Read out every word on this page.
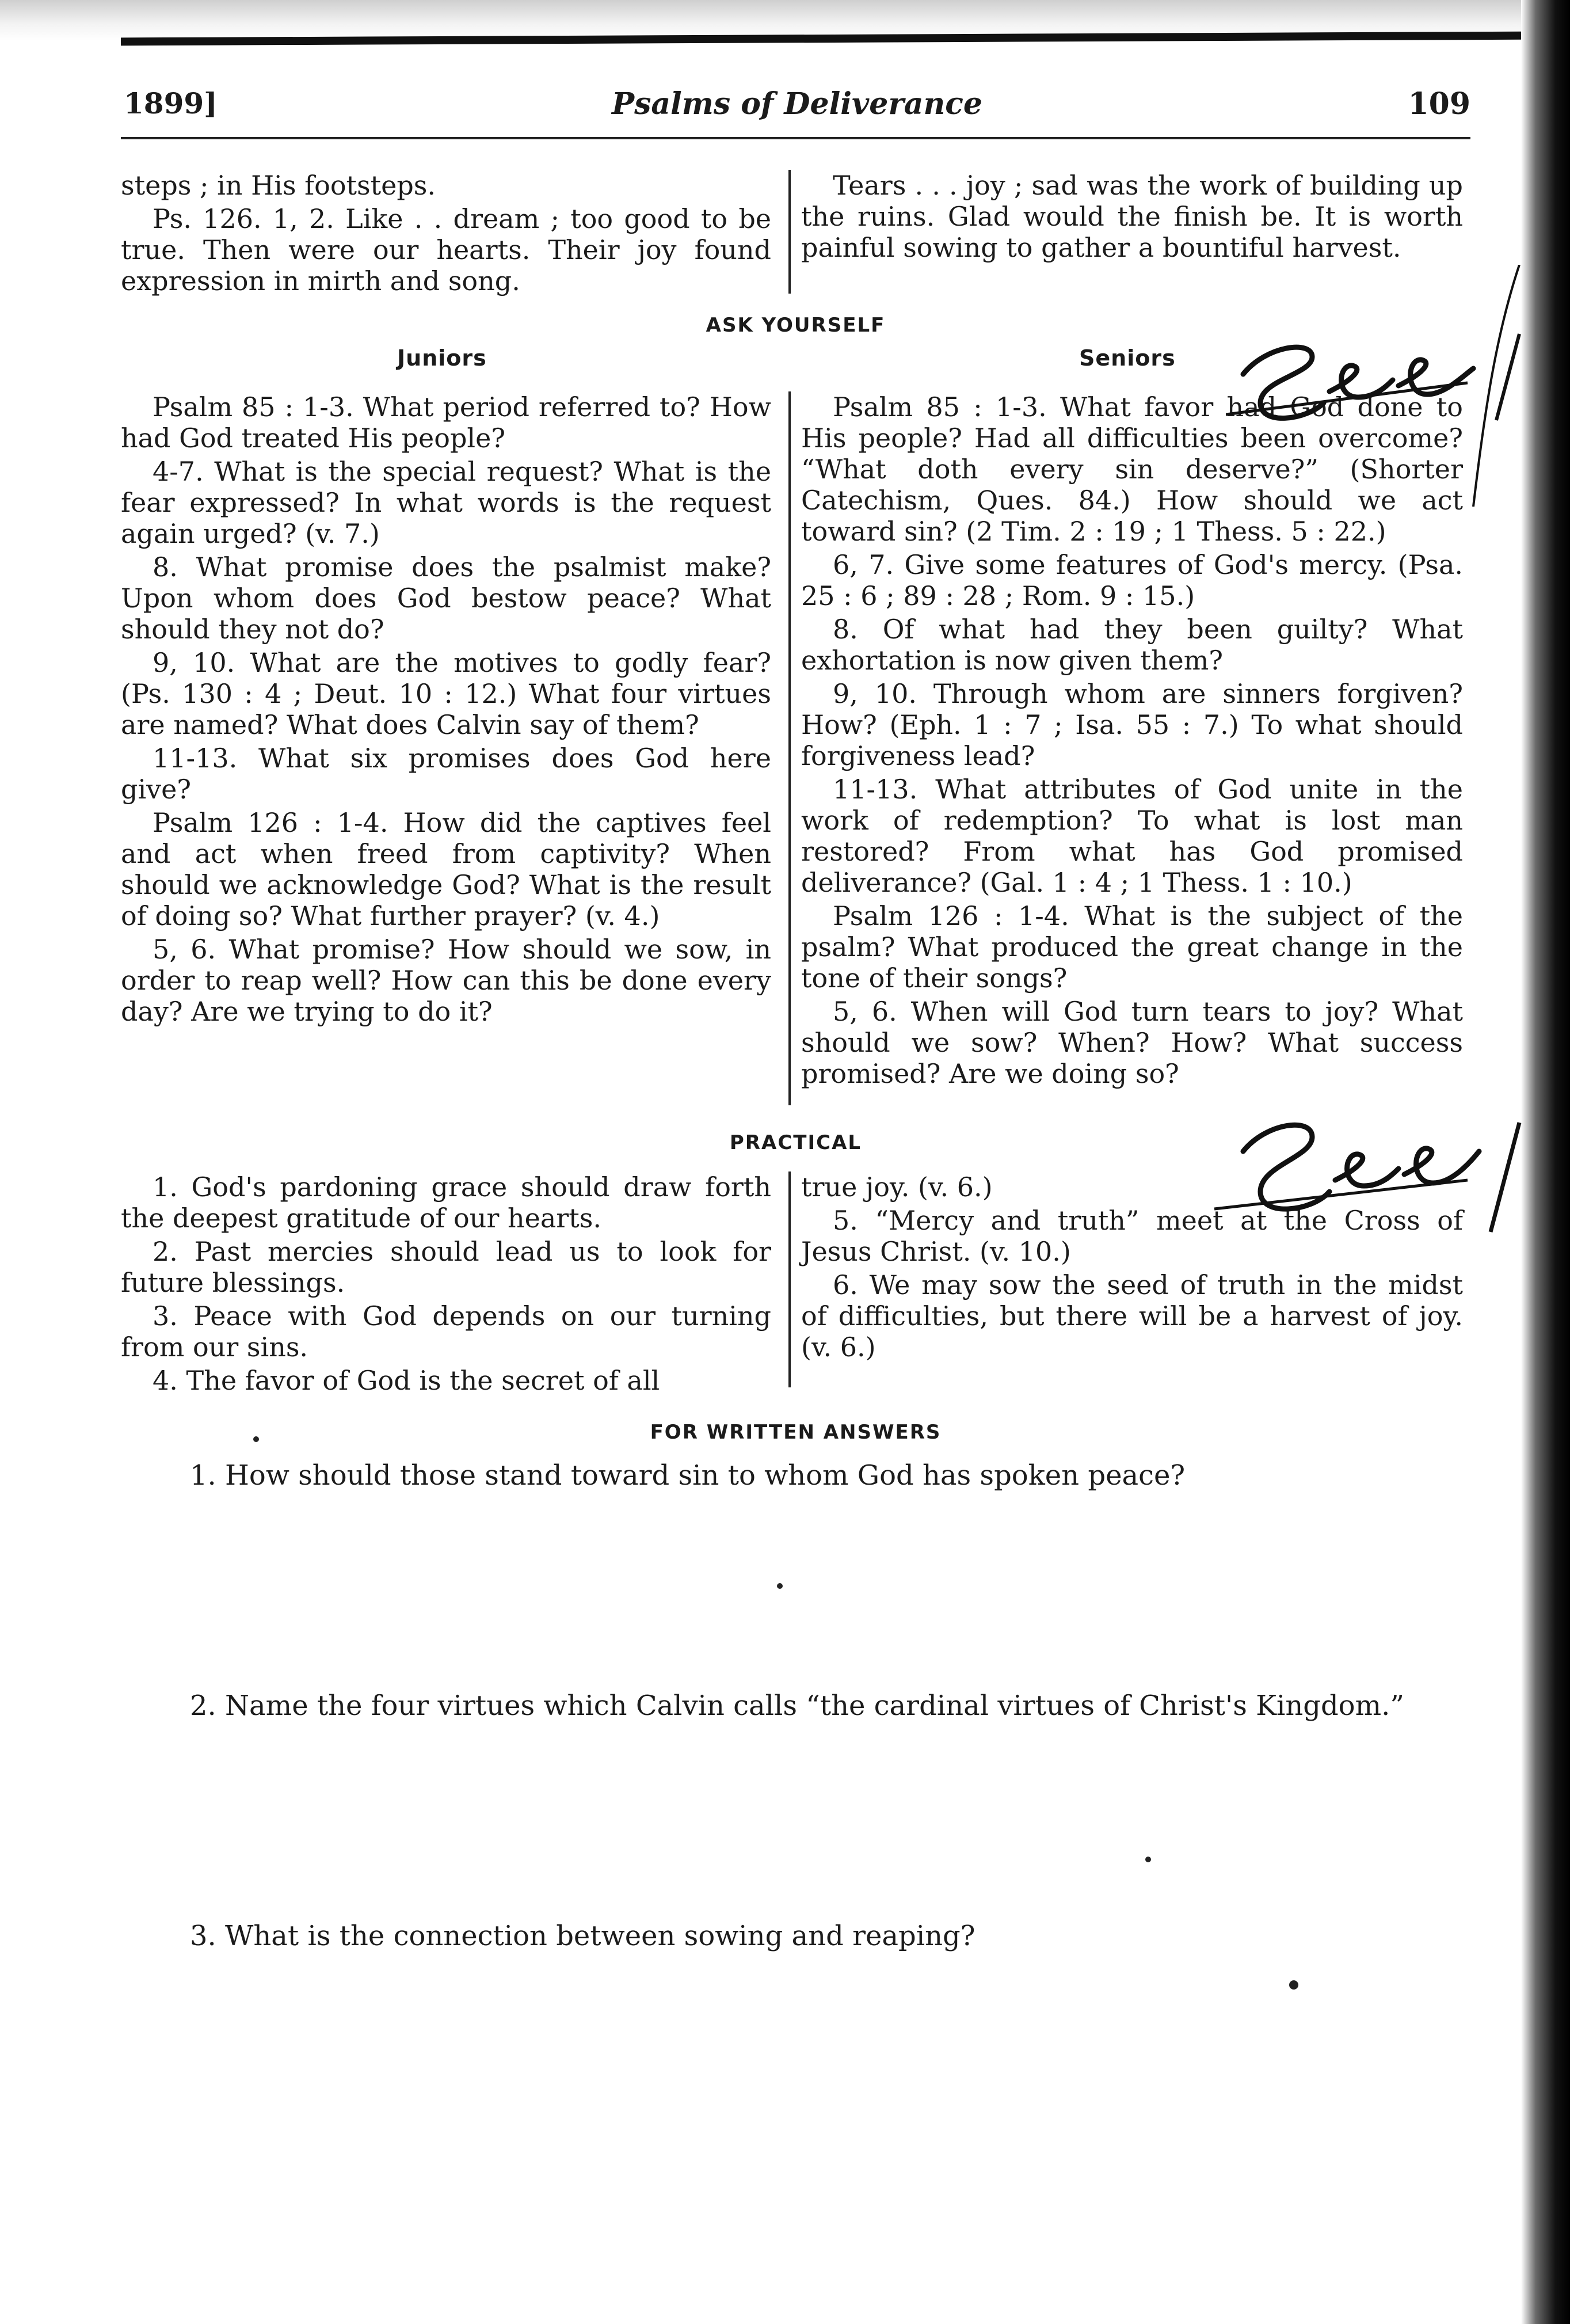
1899]	Psalms of Deliverance	109

steps ; in His footsteps.

Ps. 126. 1, 2. Like . . dream ; too good to be true. Then were our hearts. Their joy found expression in mirth and song.

Tears . . . joy ; sad was the work of building up the ruins. Glad would the finish be. It is worth painful sowing to gather a bountiful harvest.

ASK YOURSELF
Juniors	Seniors

Psalm 85 : 1-3. What period referred to? How had God treated His people?

4-7. What is the special request? What is the fear expressed? In what words is the request again urged? (v. 7.)

8. What promise does the psalmist make? Upon whom does God bestow peace? What should they not do?

9, 10. What are the motives to godly fear? (Ps. 130 : 4 ; Deut. 10 : 12.) What four virtues are named? What does Calvin say of them?

11-13. What six promises does God here give?

Psalm 126 : 1-4. How did the captives feel and act when freed from captivity? When should we acknowledge God? What is the result of doing so? What further prayer? (v. 4.)

5, 6. What promise? How should we sow, in order to reap well? How can this be done every day? Are we trying to do it?

Psalm 85 : 1-3. What favor had God done to His people? Had all difficulties been overcome? “What doth every sin deserve?” (Shorter Catechism, Ques. 84.) How should we act toward sin? (2 Tim. 2 : 19 ; 1 Thess. 5 : 22.)

6, 7. Give some features of God's mercy. (Psa. 25 : 6 ; 89 : 28 ; Rom. 9 : 15.)

8. Of what had they been guilty? What exhortation is now given them?

9, 10. Through whom are sinners forgiven? How? (Eph. 1 : 7 ; Isa. 55 : 7.) To what should forgiveness lead?

11-13. What attributes of God unite in the work of redemption? To what is lost man restored? From what has God promised deliverance? (Gal. 1 : 4 ; 1 Thess. 1 : 10.)

Psalm 126 : 1-4. What is the subject of the psalm? What produced the great change in the tone of their songs?

5, 6. When will God turn tears to joy? What should we sow? When? How? What success promised? Are we doing so?

PRACTICAL

1. God's pardoning grace should draw forth the deepest gratitude of our hearts.

2. Past mercies should lead us to look for future blessings.

3. Peace with God depends on our turning from our sins.

4. The favor of God is the secret of all

true joy. (v. 6.)

5. “Mercy and truth” meet at the Cross of Jesus Christ. (v. 10.)

6. We may sow the seed of truth in the midst of difficulties, but there will be a harvest of joy. (v. 6.)

FOR WRITTEN ANSWERS
1. How should those stand toward sin to whom God has spoken peace?
2. Name the four virtues which Calvin calls “the cardinal virtues of Christ's Kingdom.”
3. What is the connection between sowing and reaping?
